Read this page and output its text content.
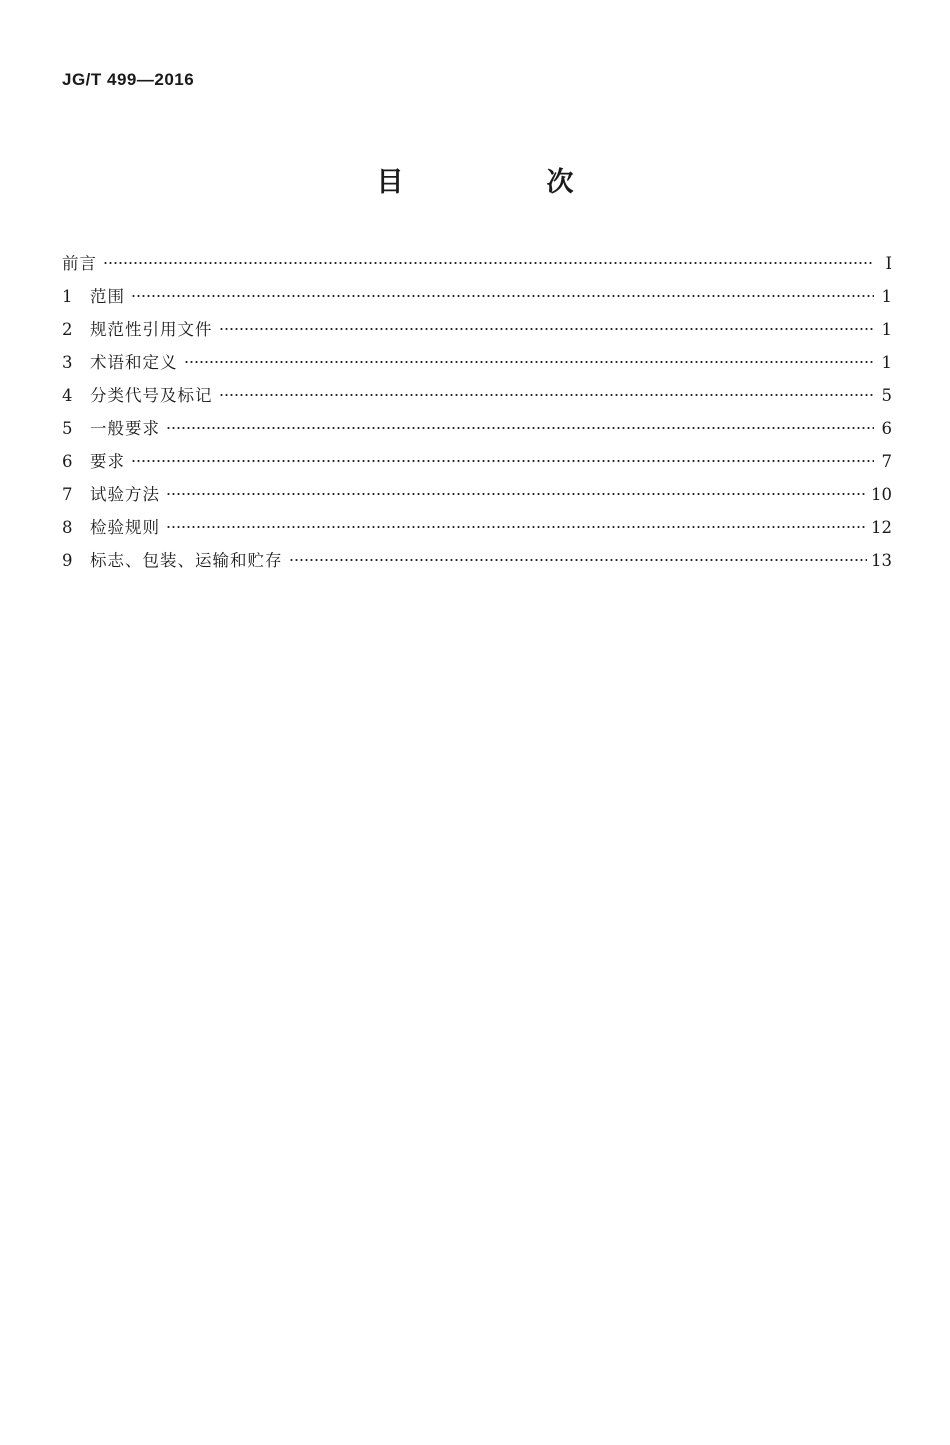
JG/T 499—2016
目　次
前言	Ⅰ
1	范围	1
2	规范性引用文件	1
3	术语和定义	1
4	分类代号及标记	5
5	一般要求	6
6	要求	7
7	试验方法	10
8	检验规则	12
9	标志、包装、运输和贮存	13
